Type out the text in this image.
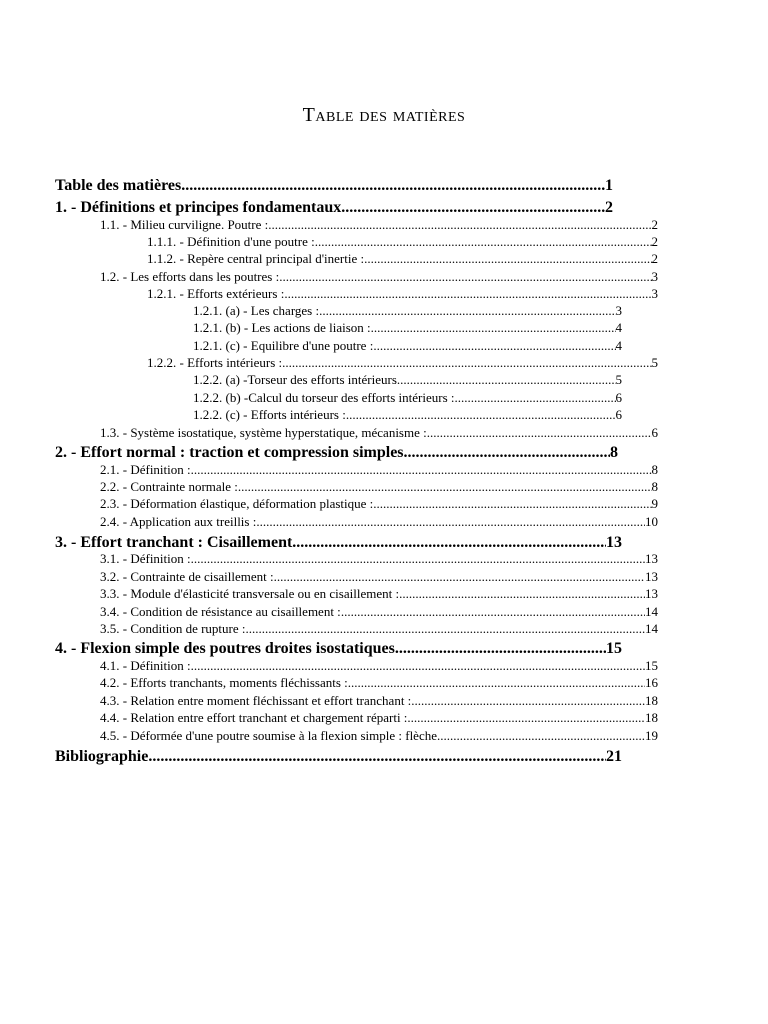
Table des matières
Table des matières .....	1
1. - Définitions et principes fondamentaux .....	2
1.1. - Milieu curviligne. Poutre : .....	2
1.1.1. - Définition d'une poutre : .....	2
1.1.2. - Repère central principal d'inertie : .....	2
1.2. - Les efforts dans les poutres : .....	3
1.2.1. - Efforts extérieurs : .....	3
1.2.1. (a) - Les charges : .....	3
1.2.1. (b) - Les actions de liaison : .....	4
1.2.1. (c) - Equilibre d'une poutre : .....	4
1.2.2. - Efforts intérieurs : .....	5
1.2.2. (a) -Torseur des efforts intérieurs .....	5
1.2.2. (b) -Calcul du torseur des efforts intérieurs : .....	6
1.2.2. (c) - Efforts intérieurs : .....	6
1.3. - Système isostatique, système hyperstatique, mécanisme : .....	6
2. - Effort normal : traction et compression simples .....	8
2.1. - Définition : .....	8
2.2. - Contrainte normale : .....	8
2.3. - Déformation élastique, déformation plastique : .....	9
2.4. - Application aux treillis : .....	10
3. - Effort tranchant : Cisaillement .....	13
3.1. - Définition : .....	13
3.2. - Contrainte de cisaillement : .....	13
3.3. - Module d'élasticité transversale ou en cisaillement : .....	13
3.4. - Condition de résistance au cisaillement : .....	14
3.5. - Condition de rupture : .....	14
4. - Flexion simple des poutres droites isostatiques .....	15
4.1. - Définition : .....	15
4.2. - Efforts tranchants, moments fléchissants : .....	16
4.3. - Relation entre moment fléchissant et effort tranchant : .....	18
4.4. - Relation entre effort tranchant et chargement réparti : .....	18
4.5. - Déformée d'une poutre soumise à la flexion simple : flèche .....	19
Bibliographie .....	21
